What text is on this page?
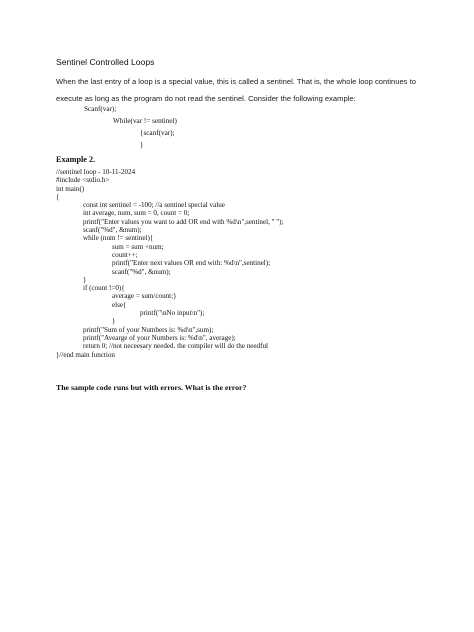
Sentinel Controlled Loops
When the last entry of a loop is a special value, this is called a sentinel. That is, the whole loop continues to
execute as long as the program do not read the sentinel. Consider the following example:
Scanf(var);
While(var != sentinel)
{scanf(var);
}
Example 2.
//sentinel loop - 10-11-2024
#include <stdio.h>
int main()
{
const int sentinel = -100; //a sentinel special value
int average, num, sum = 0, count = 0;
printf("Enter values you want to add OR end with %d\n",sentinel, " ");
scanf("%d", &num);
while (num != sentinel){
sum = sum +num;
count++;
printf("Enter next values OR end with: %d\n",sentinel);
scanf("%d", &num);
}
if (count !=0){
average = sum/count;}
else{
printf("\nNo input\n");
}
printf("Sum of your Numbers is: %d\n",sum);
printf("Avearge of your Numbers is: %d\n", average);
return 0; //not neceesary needed. the compiler will do the needful
}//end main function
The sample code runs but with errors. What is the error?
